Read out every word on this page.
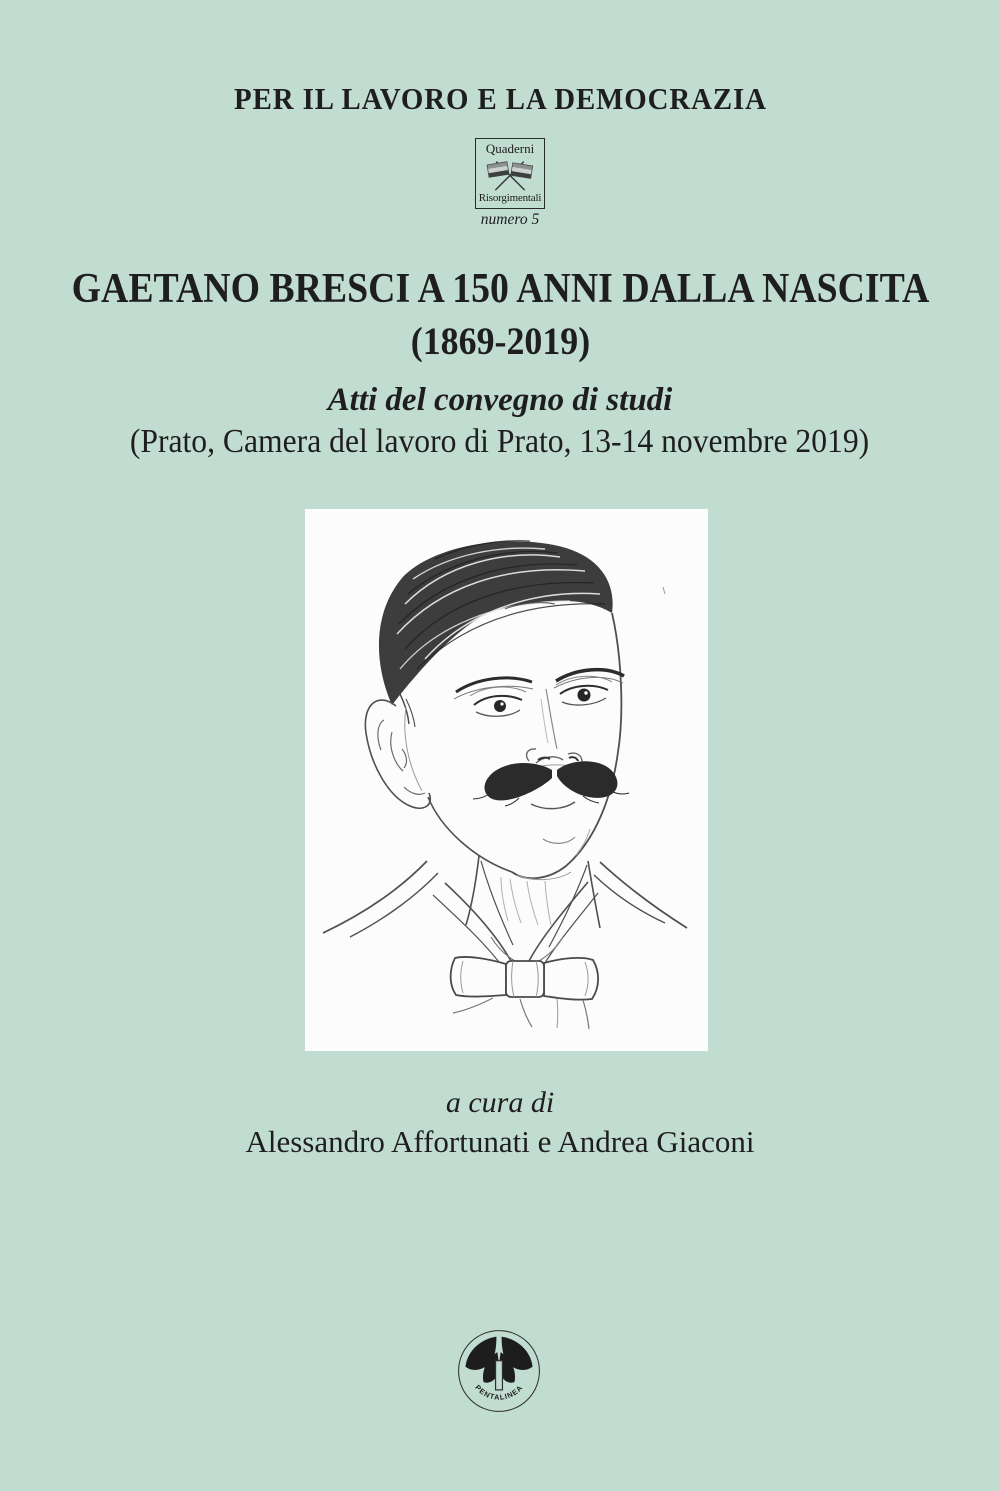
PER IL LAVORO E LA DEMOCRAZIA
Quaderni
Risorgimentali
numero 5
GAETANO BRESCI A 150 ANNI DALLA NASCITA
(1869-2019)
Atti del convegno di studi
(Prato, Camera del lavoro di Prato, 13-14 novembre 2019)
a cura di
Alessandro Affortunati e Andrea Giaconi
PENTALINEA
